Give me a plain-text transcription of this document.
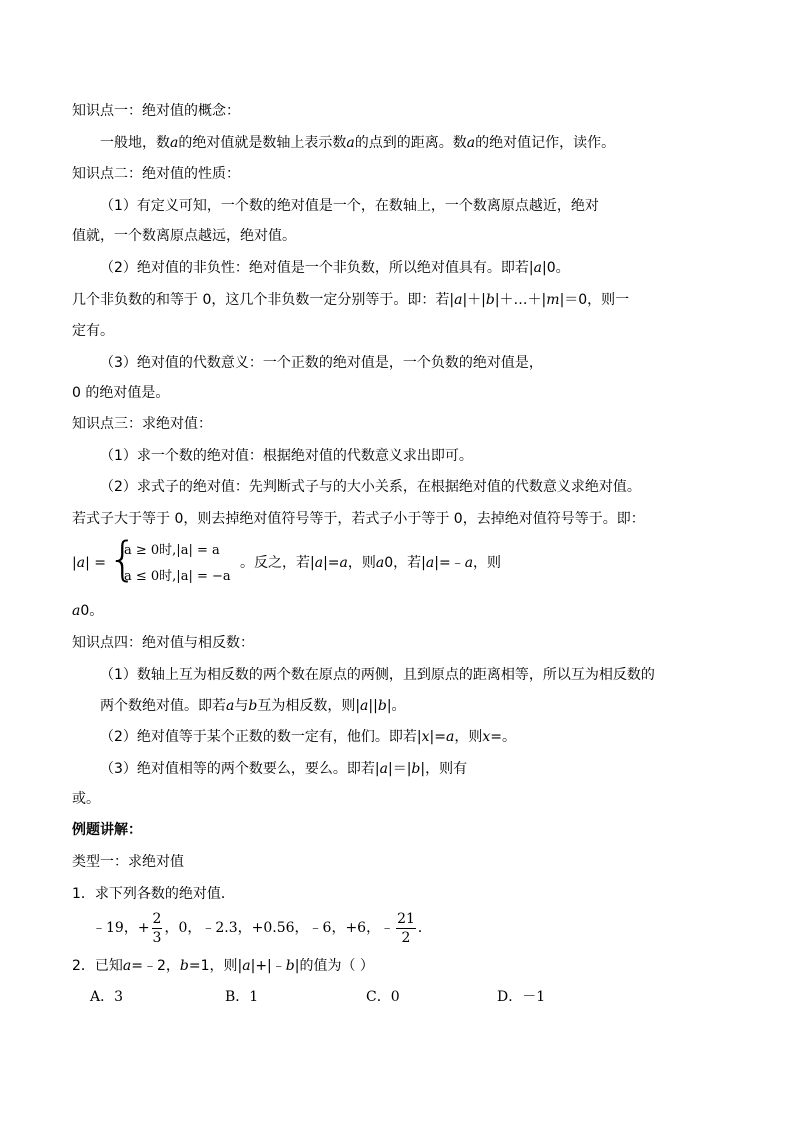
知识点一：绝对值的概念：
一般地，数a的绝对值就是数轴上表示数a的点到的距离。数a的绝对值记作，读作。
知识点二：绝对值的性质：
（1）有定义可知，一个数的绝对值是一个，在数轴上，一个数离原点越近，绝对
值就，一个数离原点越远，绝对值。
（2）绝对值的非负性：绝对值是一个非负数，所以绝对值具有。即若|a|0。
几个非负数的和等于 0，这几个非负数一定分别等于。即：若|a|＋|b|＋…＋|m|＝0，则一
定有。
（3）绝对值的代数意义：一个正数的绝对值是，一个负数的绝对值是，
0 的绝对值是。
知识点三：求绝对值：
（1）求一个数的绝对值：根据绝对值的代数意义求出即可。
（2）求式子的绝对值：先判断式子与的大小关系，在根据绝对值的代数意义求绝对值。
若式子大于等于 0，则去掉绝对值符号等于，若式子小于等于 0，去掉绝对值符号等于。即：
|a| = {
a ≥ 0时,|a| = a
a ≤ 0时,|a| = −a
。反之，若|a|=a，则a0，若|a|=﹣a，则
a0。
知识点四：绝对值与相反数：
（1）数轴上互为相反数的两个数在原点的两侧，且到原点的距离相等，所以互为相反数的
两个数绝对值。即若a与b互为相反数，则|a||b|。
（2）绝对值等于某个正数的数一定有，他们。即若|x|=a，则x=。
（3）绝对值相等的两个数要么，要么。即若|a|＝|b|，则有
或。
例题讲解：
类型一：求绝对值
1．求下列各数的绝对值．
﹣19，+ $\frac{2}{3}$ ，0，﹣2.3，+0.56，﹣6，+6，﹣ $\frac{21}{2}$ ．
2．已知a=﹣2，b=1，则|a|+|﹣b|的值为（ ）
A．3	B．1	C．0	D．－1
